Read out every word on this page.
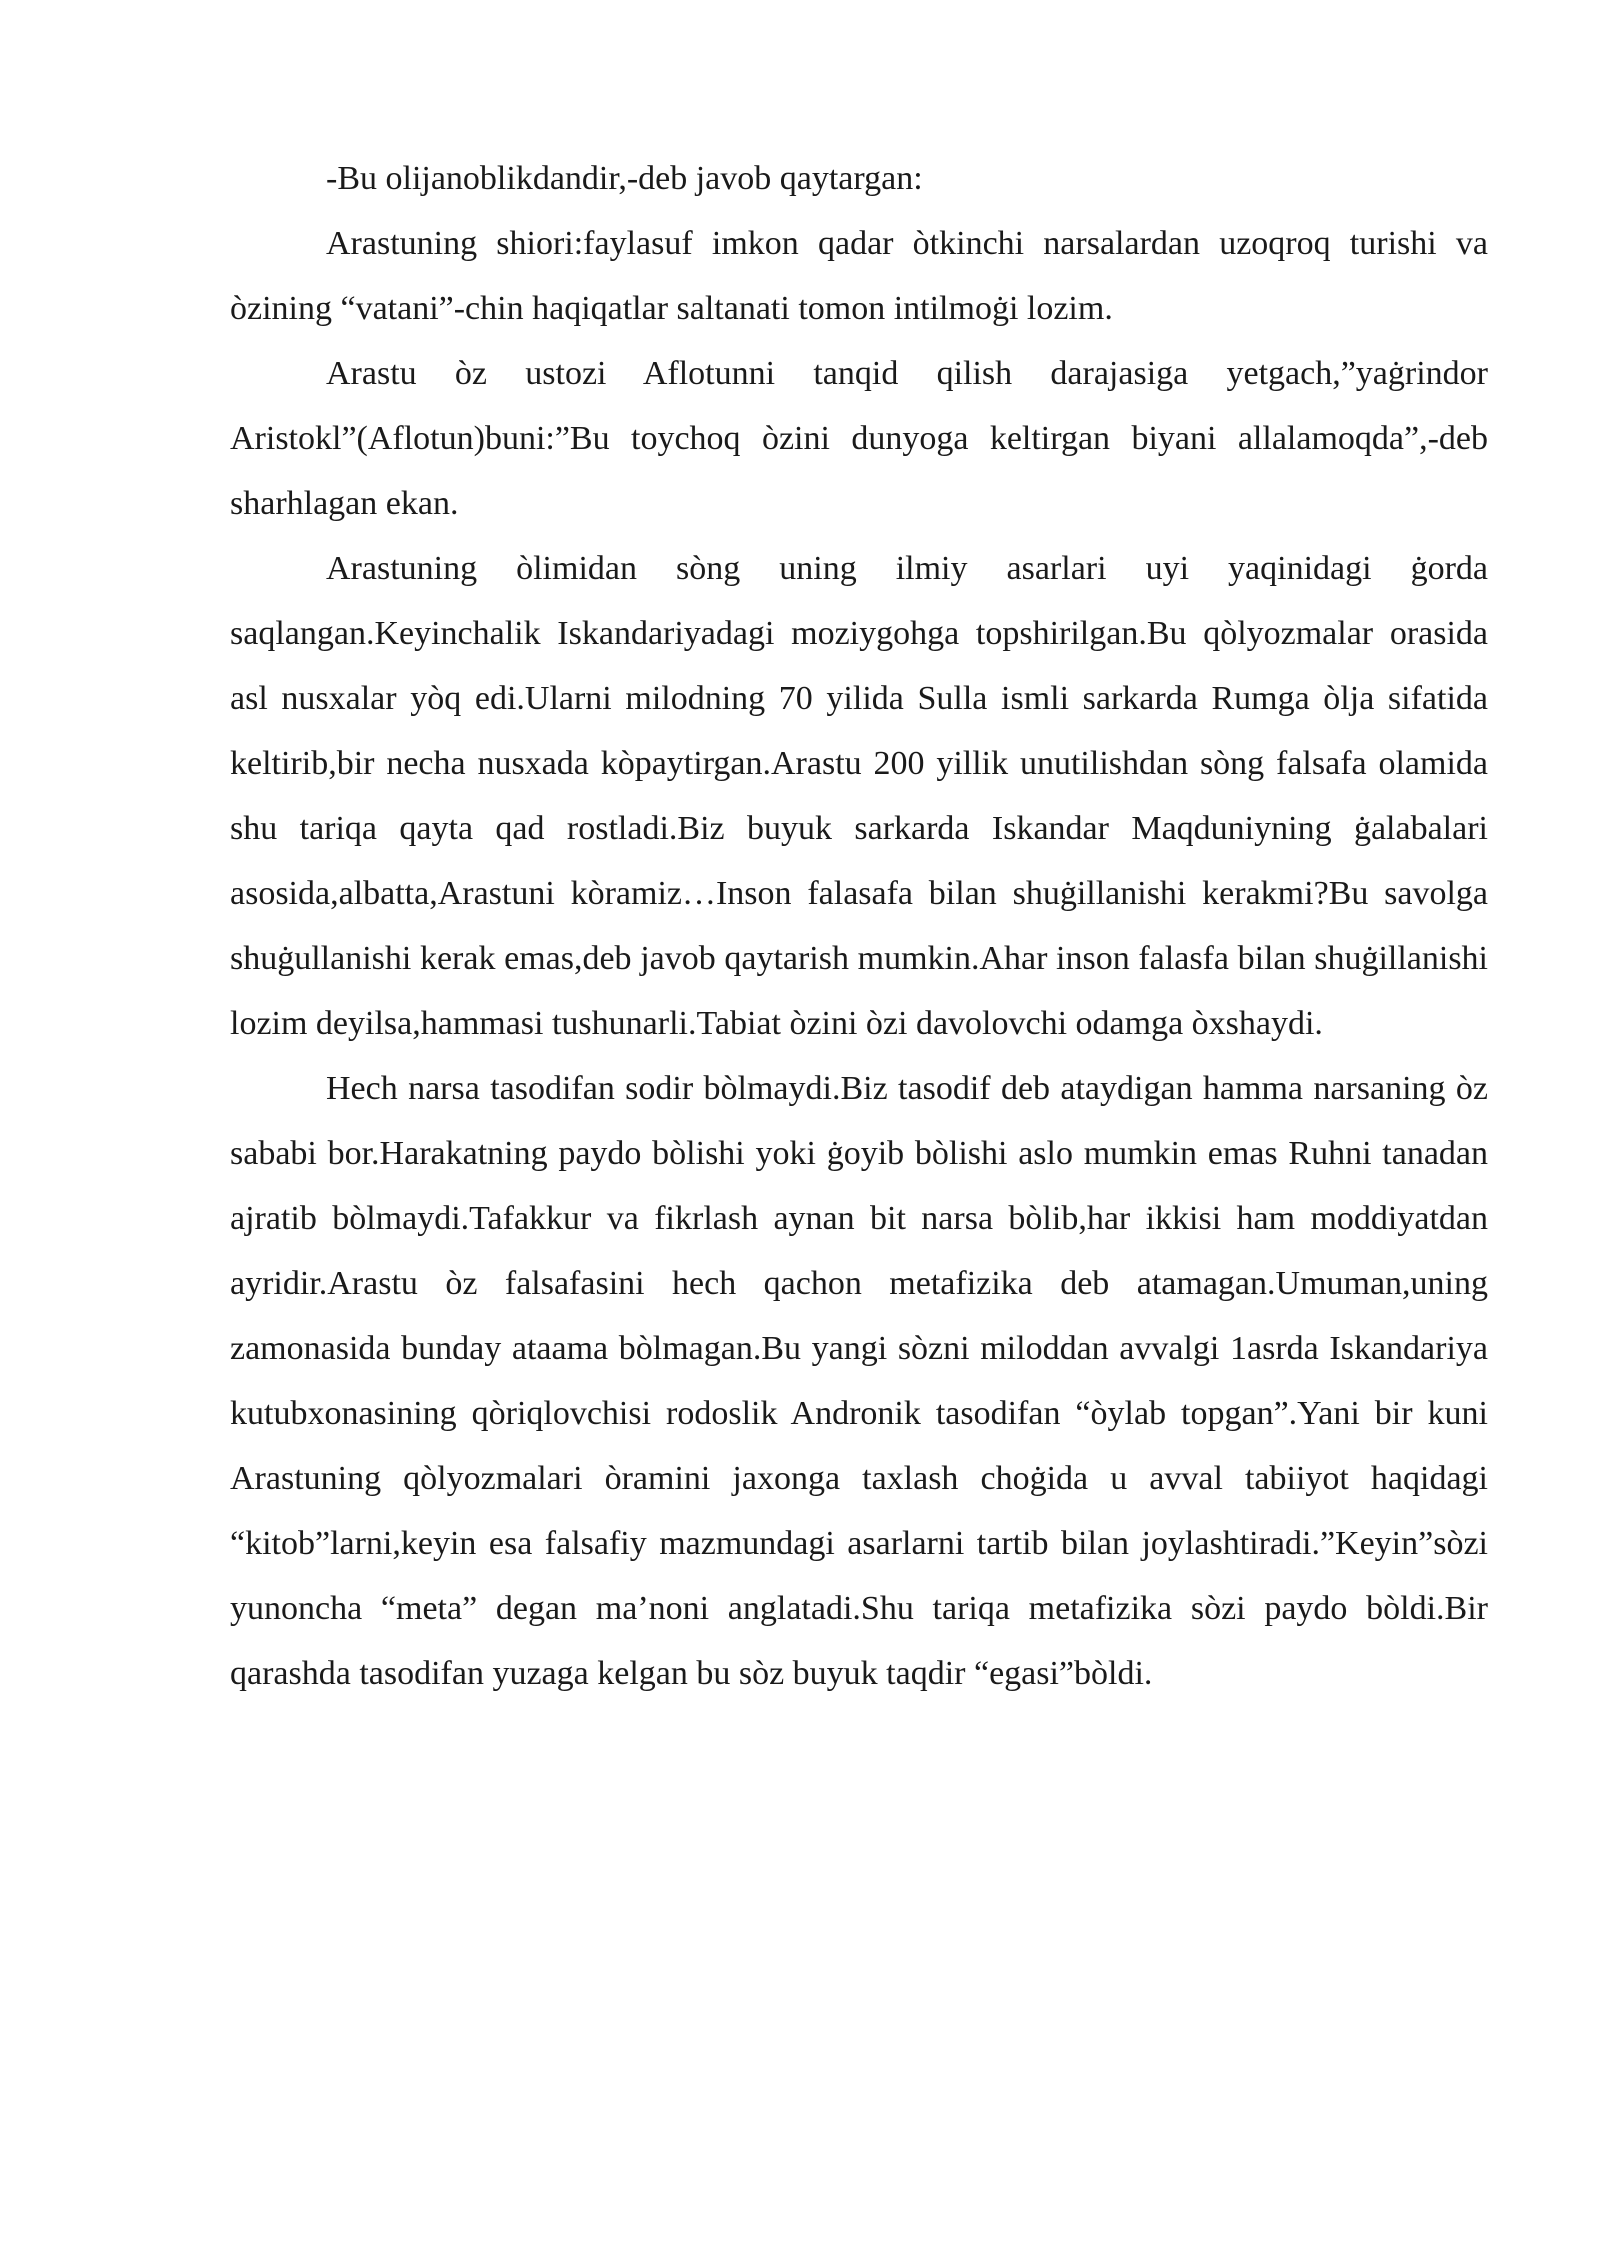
-Bu olijanoblikdandir,-deb javob qaytargan:

Arastuning shiori:faylasuf imkon qadar òtkinchi narsalardan uzoqroq turishi va òzining “vatani”-chin haqiqatlar saltanati tomon intilmoġi lozim.

Arastu òz ustozi Aflotunni tanqid qilish darajasiga yetgach,”yaġrindor Aristokl”(Aflotun)buni:”Bu toychoq òzini dunyoga keltirgan biyani allalamoqda”,-deb sharhlagan ekan.

Arastuning òlimidan sòng uning ilmiy asarlari uyi yaqinidagi ġorda saqlangan.Keyinchalik Iskandariyadagi moziygohga topshirilgan.Bu qòlyozmalar orasida asl nusxalar yòq edi.Ularni milodning 70 yilida Sulla ismli sarkarda Rumga òlja sifatida keltirib,bir necha nusxada kòpaytirgan.Arastu 200 yillik unutilishdan sòng falsafa olamida shu tariqa qayta qad rostladi.Biz buyuk sarkarda Iskandar Maqduniyning ġalabalari asosida,albatta,Arastuni kòramiz…Inson falasafa bilan shuġillanishi kerakmi?Bu savolga shuġullanishi kerak emas,deb javob qaytarish mumkin.Ahar inson falasfa bilan shuġillanishi lozim deyilsa,hammasi tushunarli.Tabiat òzini òzi davolovchi odamga òxshaydi.

Hech narsa tasodifan sodir bòlmaydi.Biz tasodif deb ataydigan hamma narsaning òz sababi bor.Harakatning paydo bòlishi yoki ġoyib bòlishi aslo mumkin emas Ruhni tanadan ajratib bòlmaydi.Tafakkur va fikrlash aynan bit narsa bòlib,har ikkisi ham moddiyatdan ayridir.Arastu òz falsafasini hech qachon metafizika deb atamagan.Umuman,uning zamonasida bunday ataama bòlmagan.Bu yangi sòzni miloddan avvalgi 1asrda Iskandariya kutubxonasining qòriqlovchisi rodoslik Andronik tasodifan “òylab topgan”.Yani bir kuni Arastuning qòlyozmalari òramini jaxonga taxlash choġida u avval tabiiyot haqidagi “kitob”larni,keyin esa falsafiy mazmundagi asarlarni tartib bilan joylashtiradi.”Keyin”sòzi yunoncha “meta” degan ma’noni anglatadi.Shu tariqa metafizika sòzi paydo bòldi.Bir qarashda tasodifan yuzaga kelgan bu sòz buyuk taqdir “egasi”bòldi.
